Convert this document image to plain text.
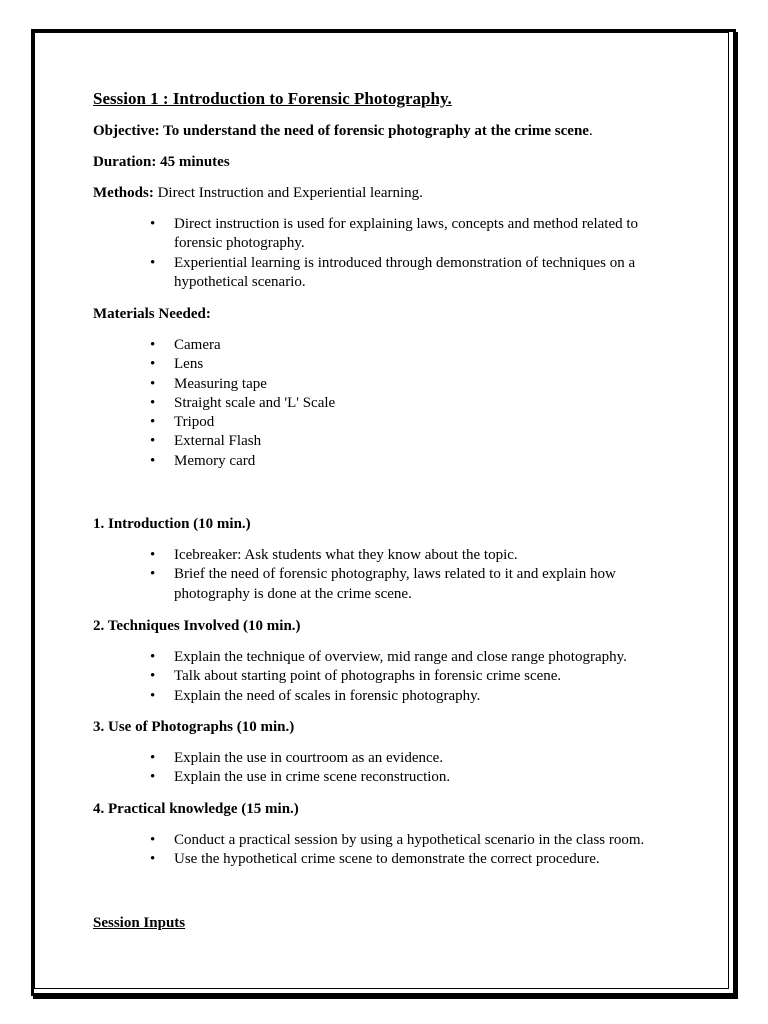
Session 1 : Introduction to Forensic Photography.
Objective: To understand the need of forensic photography at the crime scene.
Duration: 45 minutes
Methods: Direct Instruction and Experiential learning.
• Direct instruction is used for explaining laws, concepts and method related to forensic photography.
• Experiential learning is introduced through demonstration of techniques on a hypothetical scenario.
Materials Needed:
• Camera
• Lens
• Measuring tape
• Straight scale and 'L' Scale
• Tripod
• External Flash
• Memory card
1. Introduction (10 min.)
• Icebreaker: Ask students what they know about the topic.
• Brief the need of forensic photography, laws related to it and explain how photography is done at the crime scene.
2. Techniques Involved (10 min.)
• Explain the technique of overview, mid range and close range photography.
• Talk about starting point of photographs in forensic crime scene.
• Explain the need of scales in forensic photography.
3. Use of Photographs (10 min.)
• Explain the use in courtroom as an evidence.
• Explain the use in crime scene reconstruction.
4. Practical knowledge (15 min.)
• Conduct a practical session by using a hypothetical scenario in the class room.
• Use the hypothetical crime scene to demonstrate the correct procedure.
Session Inputs
